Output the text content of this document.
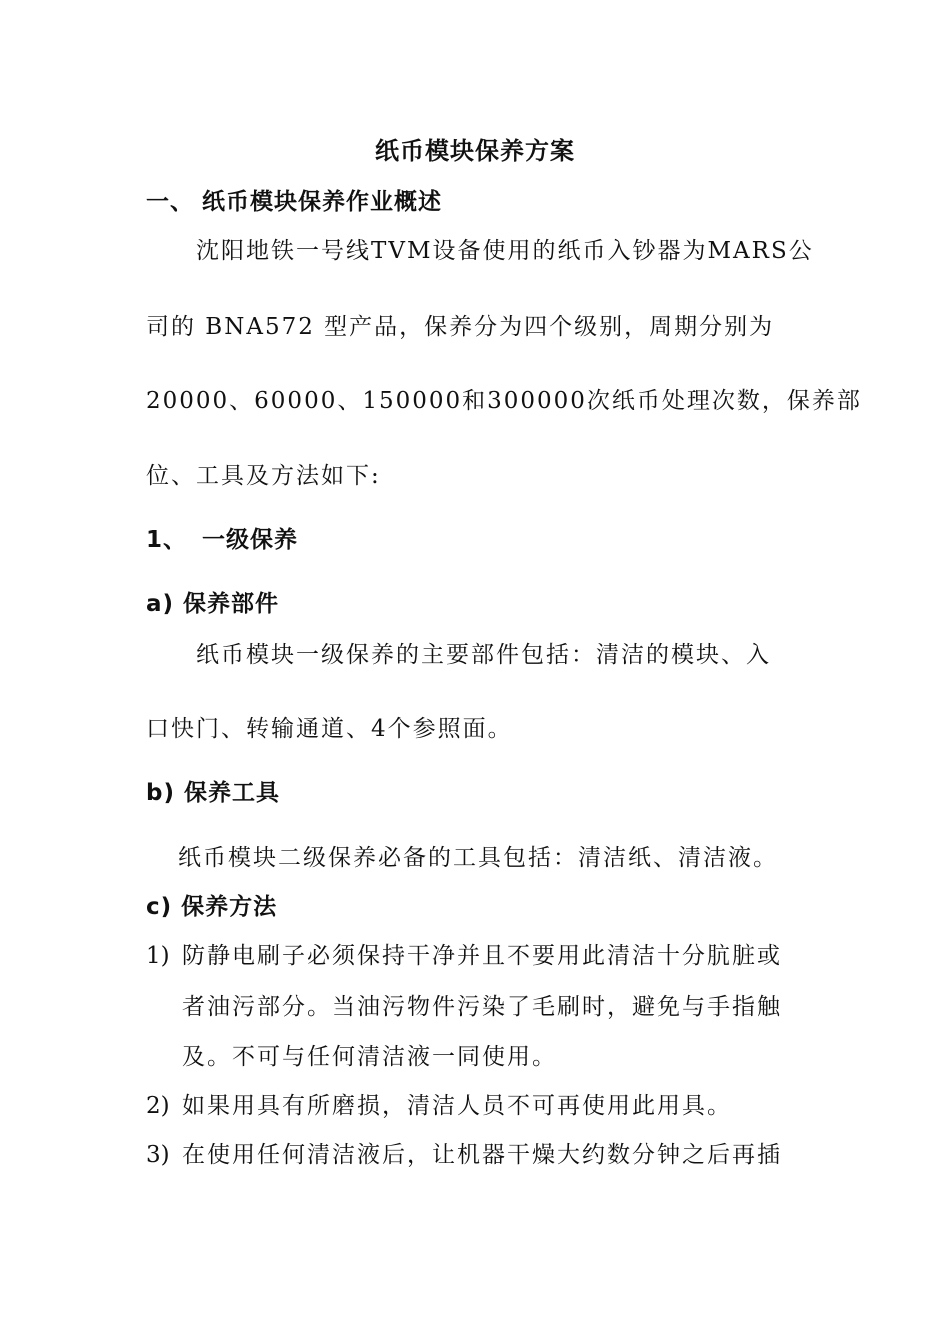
纸币模块保养方案
一、 纸币模块保养作业概述
沈阳地铁一号线TVM设备使用的纸币入钞器为MARS公
司的 BNA572 型产品，保养分为四个级别，周期分别为
20000、60000、150000和300000次纸币处理次数，保养部
位、工具及方法如下:
1、 一级保养
a) 保养部件
纸币模块一级保养的主要部件包括：清洁的模块、入
口快门、转输通道、4个参照面。
b) 保养工具
纸币模块二级保养必备的工具包括：清洁纸、清洁液。
c) 保养方法
1) 防静电刷子必须保持干净并且不要用此清洁十分肮脏或
者油污部分。当油污物件污染了毛刷时，避免与手指触
及。不可与任何清洁液一同使用。
2) 如果用具有所磨损，清洁人员不可再使用此用具。
3) 在使用任何清洁液后，让机器干燥大约数分钟之后再插
